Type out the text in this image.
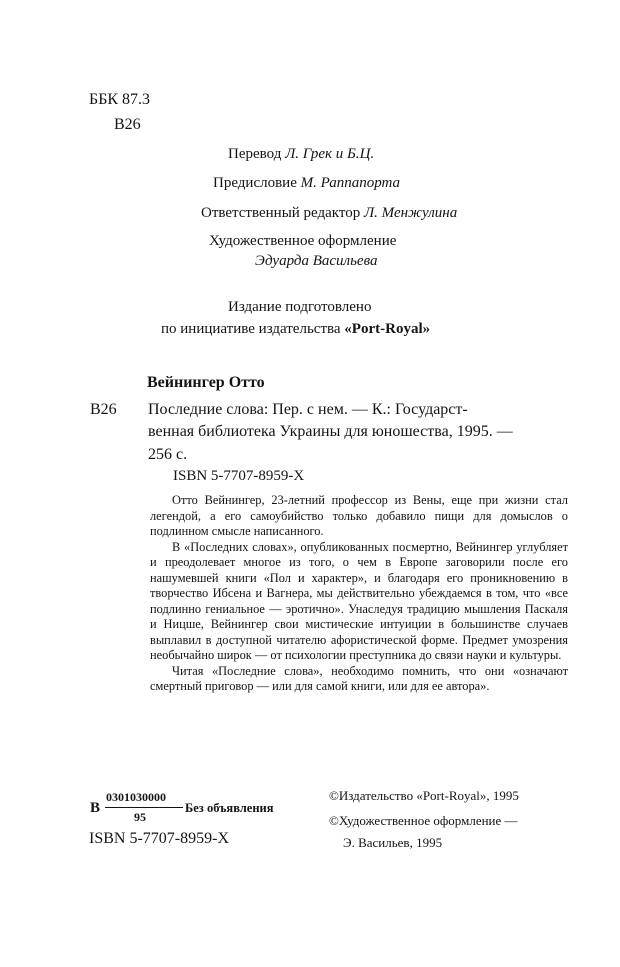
ББК 87.3
В26
Перевод Л. Грек и Б.Ц.
Предисловие М. Раппапорта
Ответственный редактор Л. Менжулина
Художественное оформление
Эдуарда Васильева
Издание подготовлено
по инициативе издательства «Port-Royal»
Вейнингер Отто
В26 Последние слова: Пер. с нем. — К.: Государст-
венная библиотека Украины для юношества, 1995. —
256 с.
ISBN 5-7707-8959-X

Отто Вейнингер, 23-летний профессор из Вены, еще при жизни стал легендой, а его самоубийство только добавило пищи для домыслов о подлинном смысле написанного.

В «Последних словах», опубликованных посмертно, Вейнингер углубляет и преодолевает многое из того, о чем в Европе заговорили после его нашумевшей книги «Пол и характер», и благодаря его проникновению в творчество Ибсена и Вагнера, мы действительно убеждаемся в том, что «все подлинно гениальное — эротично». Унаследуя традицию мышления Паскаля и Ницше, Вейнингер свои мистические интуиции в большинстве случаев выплавил в доступной читателю афористической форме. Предмет умозрения необычайно широк — от психологии преступника до связи науки и культуры.

Читая «Последние слова», необходимо помнить, что они «означают смертный приговор — или для самой книги, или для ее автора».

В
0301030000
95
Без объявления
ISBN 5-7707-8959-X
©Издательство «Port-Royal», 1995
©Художественное оформление —
Э. Васильев, 1995
